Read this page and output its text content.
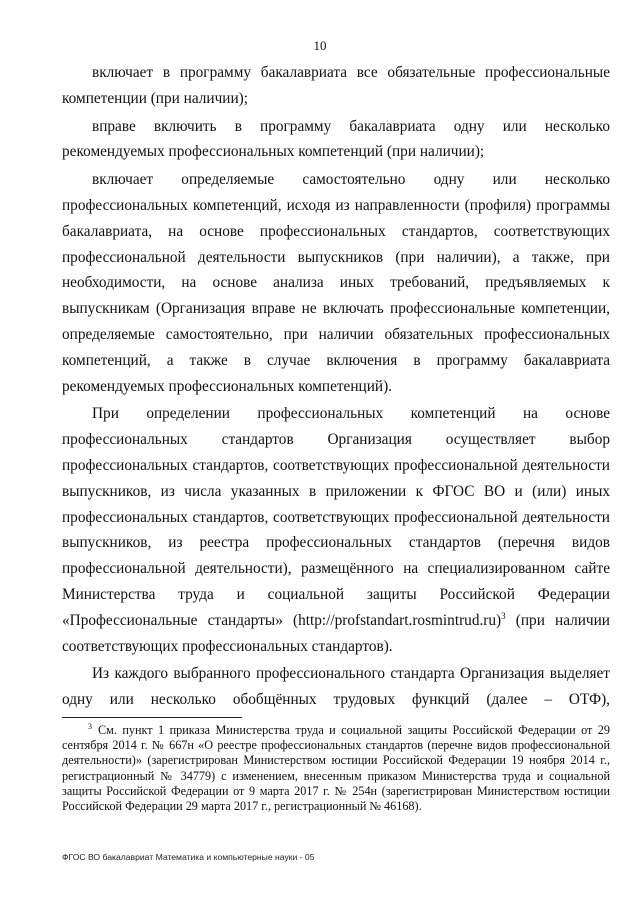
10

включает в программу бакалавриата все обязательные профессиональные компетенции (при наличии);

вправе включить в программу бакалавриата одну или несколько рекомендуемых профессиональных компетенций (при наличии);

включает определяемые самостоятельно одну или несколько профессиональных компетенций, исходя из направленности (профиля) программы бакалавриата, на основе профессиональных стандартов, соответствующих профессиональной деятельности выпускников (при наличии), а также, при необходимости, на основе анализа иных требований, предъявляемых к выпускникам (Организация вправе не включать профессиональные компетенции, определяемые самостоятельно, при наличии обязательных профессиональных компетенций, а также в случае включения в программу бакалавриата рекомендуемых профессиональных компетенций).

При определении профессиональных компетенций на основе профессиональных стандартов Организация осуществляет выбор профессиональных стандартов, соответствующих профессиональной деятельности выпускников, из числа указанных в приложении к ФГОС ВО и (или) иных профессиональных стандартов, соответствующих профессиональной деятельности выпускников, из реестра профессиональных стандартов (перечня видов профессиональной деятельности), размещённого на специализированном сайте Министерства труда и социальной защиты Российской Федерации «Профессиональные стандарты» (http://profstandart.rosmintrud.ru)$^3$ (при наличии соответствующих профессиональных стандартов).

Из каждого выбранного профессионального стандарта Организация выделяет одну или несколько обобщённых трудовых функций (далее – ОТФ),

$^3$ См. пункт 1 приказа Министерства труда и социальной защиты Российской Федерации от 29 сентября 2014 г. № 667н «О реестре профессиональных стандартов (перечне видов профессиональной деятельности)» (зарегистрирован Министерством юстиции Российской Федерации 19 ноября 2014 г., регистрационный № 34779) с изменением, внесенным приказом Министерства труда и социальной защиты Российской Федерации от 9 марта 2017 г. № 254н (зарегистрирован Министерством юстиции Российской Федерации 29 марта 2017 г., регистрационный № 46168).

ФГОС ВО бакалавриат Математика и компьютерные науки - 05
